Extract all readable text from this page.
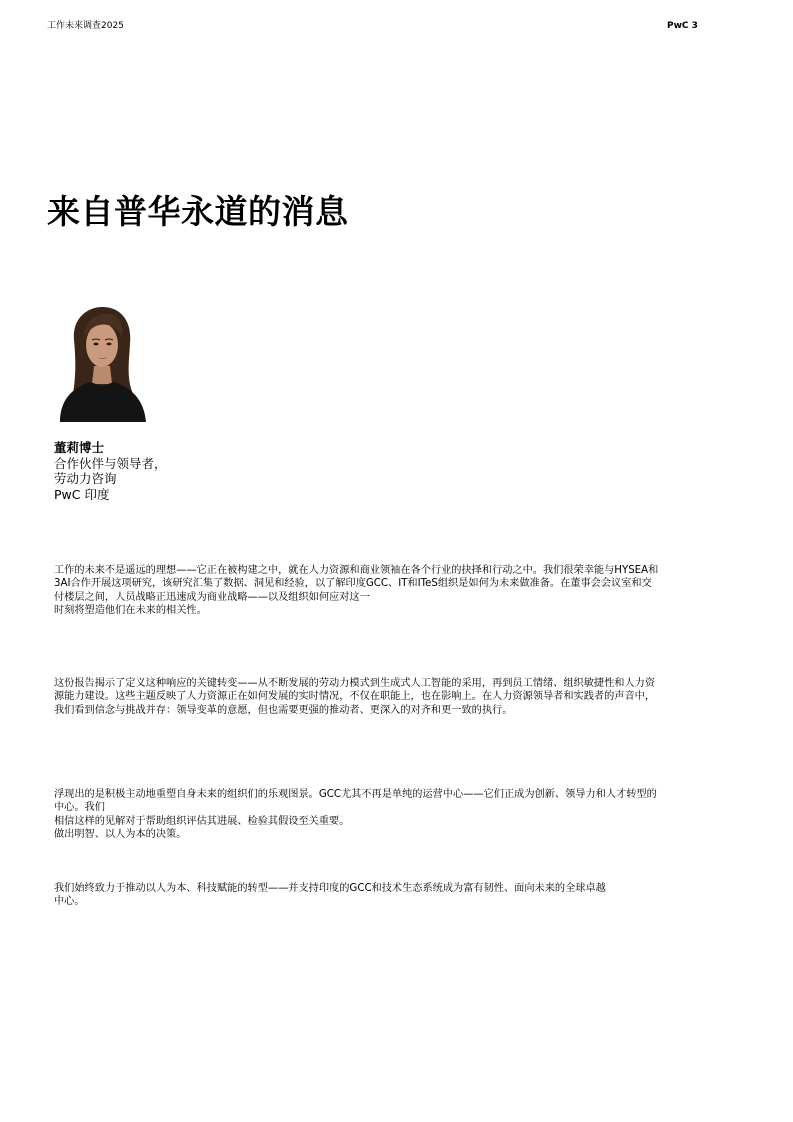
工作未来调查2025	PwC 3
来自普华永道的消息
董莉博士
合作伙伴与领导者，
劳动力咨询
PwC 印度

工作的未来不是遥远的理想——它正在被构建之中，就在人力资源和商业领袖在各个行业的抉择和行动之中。我们很荣幸能与HYSEA和
3AI合作开展这项研究，该研究汇集了数据、洞见和经验，以了解印度GCC、IT和ITeS组织是如何为未来做准备。在董事会会议室和交
付楼层之间，人员战略正迅速成为商业战略——以及组织如何应对这一
时刻将塑造他们在未来的相关性。

这份报告揭示了定义这种响应的关键转变——从不断发展的劳动力模式到生成式人工智能的采用，再到员工情绪、组织敏捷性和人力资
源能力建设。这些主题反映了人力资源正在如何发展的实时情况，不仅在职能上，也在影响上。在人力资源领导者和实践者的声音中，
我们看到信念与挑战并存：领导变革的意愿，但也需要更强的推动者、更深入的对齐和更一致的执行。

浮现出的是积极主动地重塑自身未来的组织们的乐观图景。GCC尤其不再是单纯的运营中心——它们正成为创新、领导力和人才转型的
中心。我们
相信这样的见解对于帮助组织评估其进展、检验其假设至关重要。
做出明智、以人为本的决策。

我们始终致力于推动以人为本、科技赋能的转型——并支持印度的GCC和技术生态系统成为富有韧性、面向未来的全球卓越
中心。
